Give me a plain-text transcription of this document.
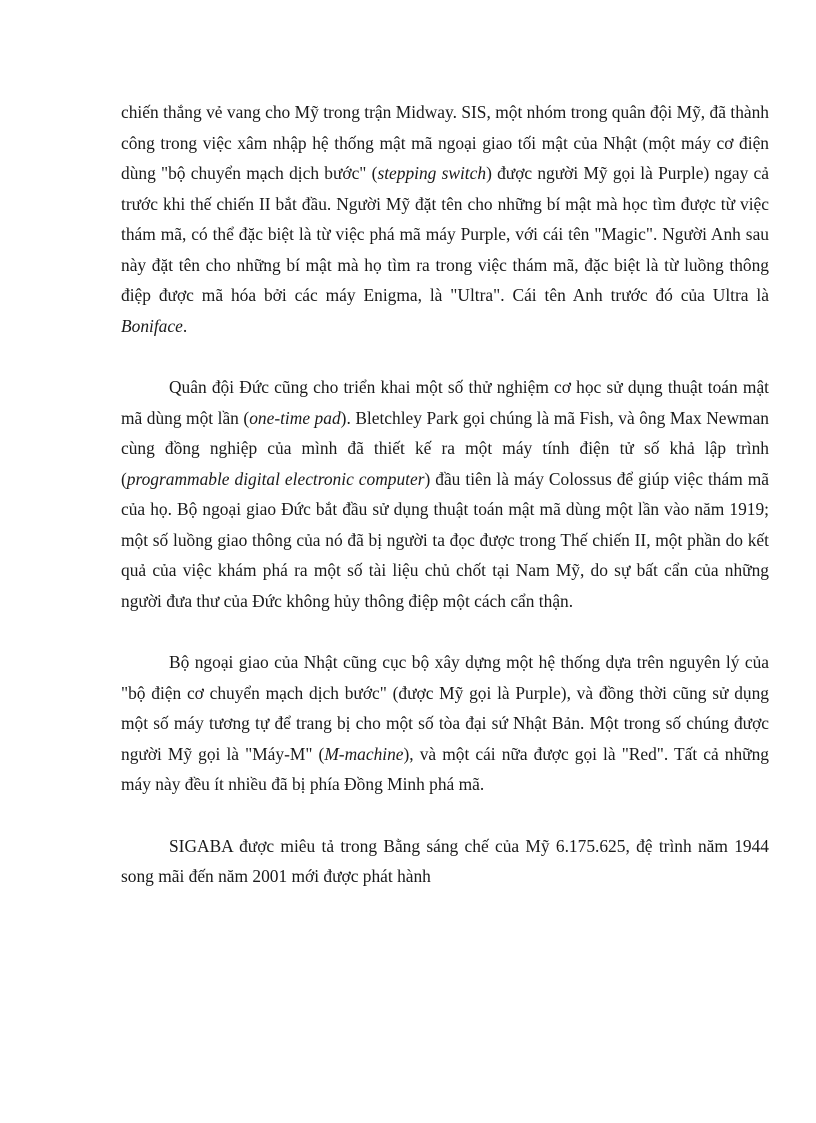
chiến thắng vẻ vang cho Mỹ trong trận Midway. SIS, một nhóm trong quân đội Mỹ, đã thành công trong việc xâm nhập hệ thống mật mã ngoại giao tối mật của Nhật (một máy cơ điện dùng "bộ chuyển mạch dịch bước" (stepping switch) được người Mỹ gọi là Purple) ngay cả trước khi thế chiến II bắt đầu. Người Mỹ đặt tên cho những bí mật mà học tìm được từ việc thám mã, có thể đặc biệt là từ việc phá mã máy Purple, với cái tên "Magic". Người Anh sau này đặt tên cho những bí mật mà họ tìm ra trong việc thám mã, đặc biệt là từ luồng thông điệp được mã hóa bởi các máy Enigma, là "Ultra". Cái tên Anh trước đó của Ultra là Boniface.

Quân đội Đức cũng cho triển khai một số thử nghiệm cơ học sử dụng thuật toán mật mã dùng một lần (one-time pad). Bletchley Park gọi chúng là mã Fish, và ông Max Newman cùng đồng nghiệp của mình đã thiết kế ra một máy tính điện tử số khả lập trình (programmable digital electronic computer) đầu tiên là máy Colossus để giúp việc thám mã của họ. Bộ ngoại giao Đức bắt đầu sử dụng thuật toán mật mã dùng một lần vào năm 1919; một số luồng giao thông của nó đã bị người ta đọc được trong Thế chiến II, một phần do kết quả của việc khám phá ra một số tài liệu chủ chốt tại Nam Mỹ, do sự bất cẩn của những người đưa thư của Đức không hủy thông điệp một cách cẩn thận.

Bộ ngoại giao của Nhật cũng cục bộ xây dựng một hệ thống dựa trên nguyên lý của "bộ điện cơ chuyển mạch dịch bước" (được Mỹ gọi là Purple), và đồng thời cũng sử dụng một số máy tương tự để trang bị cho một số tòa đại sứ Nhật Bản. Một trong số chúng được người Mỹ gọi là "Máy-M" (M-machine), và một cái nữa được gọi là "Red". Tất cả những máy này đều ít nhiều đã bị phía Đồng Minh phá mã.

SIGABA được miêu tả trong Bằng sáng chế của Mỹ 6.175.625, đệ trình năm 1944 song mãi đến năm 2001 mới được phát hành
